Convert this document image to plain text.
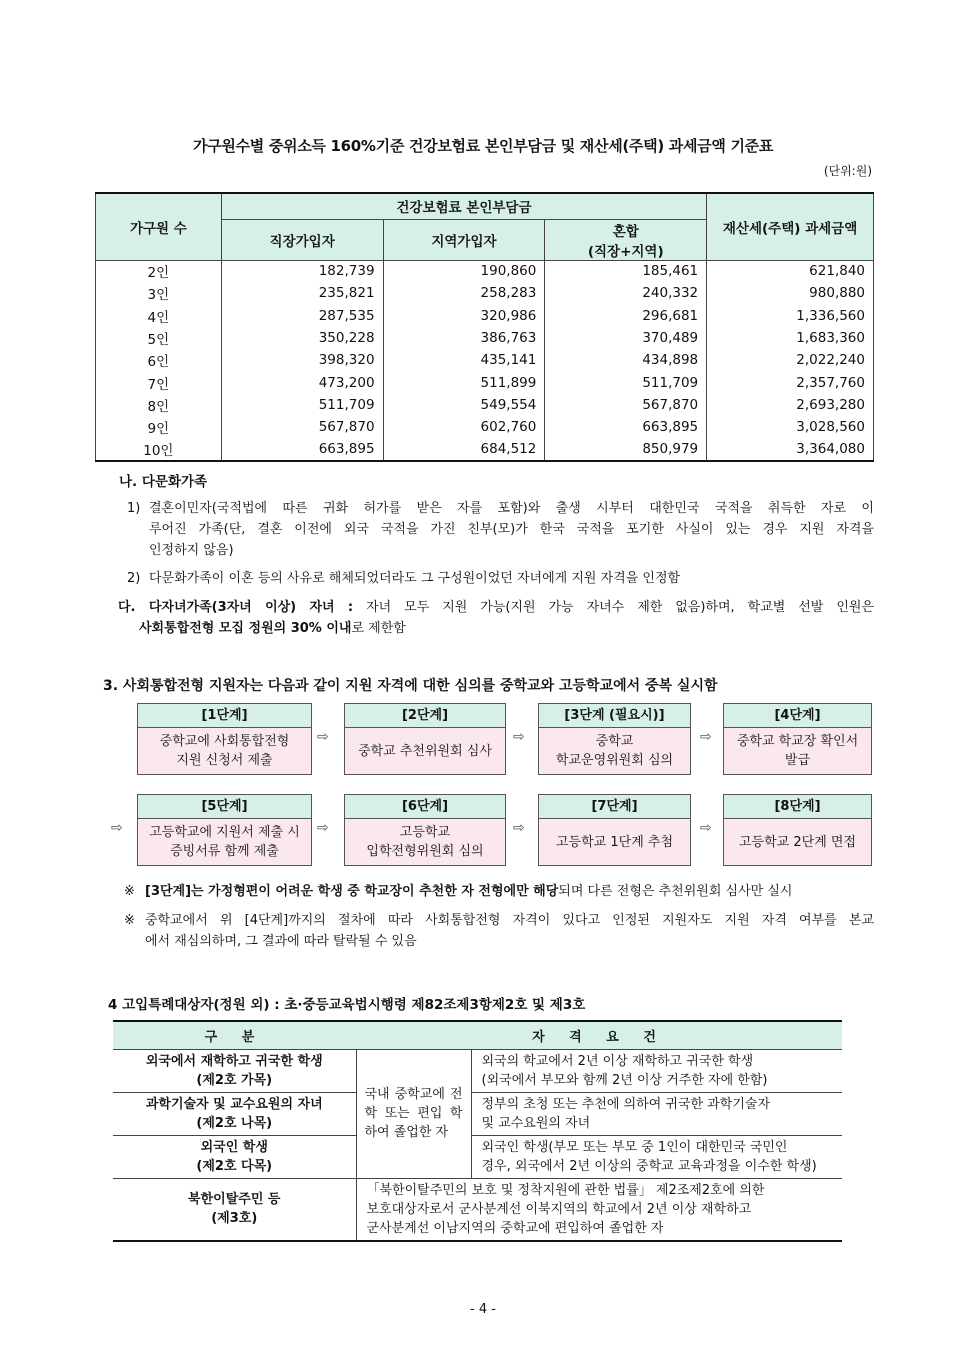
가구원수별 중위소득 160%기준 건강보험료 본인부담금 및 재산세(주택) 과세금액 기준표
(단위:원)
가구원 수	건강보험료 본인부담금			재산세(주택) 과세금액
	직장가입자	지역가입자	혼합
(직장+지역)	
2인	182,739	190,860	185,461	621,840
3인	235,821	258,283	240,332	980,880
4인	287,535	320,986	296,681	1,336,560
5인	350,228	386,763	370,489	1,683,360
6인	398,320	435,141	434,898	2,022,240
7인	473,200	511,899	511,709	2,357,760
8인	511,709	549,554	567,870	2,693,280
9인	567,870	602,760	663,895	3,028,560
10인	663,895	684,512	850,979	3,364,080
나. 다문화가족
1) 결혼이민자(국적법에 따른 귀화 허가를 받은 자를 포함)와 출생 시부터 대한민국 국적을 취득한 자로 이
루어진 가족(단, 결혼 이전에 외국 국적을 가진 친부(모)가 한국 국적을 포기한 사실이 있는 경우 지원 자격을
인정하지 않음)
2) 다문화가족이 이혼 등의 사유로 해체되었더라도 그 구성원이었던 자녀에게 지원 자격을 인정함
다. 다자녀가족(3자녀 이상) 자녀 : 자녀 모두 지원 가능(지원 가능 자녀수 제한 없음)하며, 학교별 선발 인원은
사회통합전형 모집 정원의 30% 이내로 제한함
3. 사회통합전형 지원자는 다음과 같이 지원 자격에 대한 심의를 중학교와 고등학교에서 중복 실시함
[1단계]
중학교에 사회통합전형
지원 신청서 제출
[2단계]
중학교 추천위원회 심사
[3단계 (필요시)]
중학교
학교운영위원회 심의
[4단계]
중학교 학교장 확인서
발급
[5단계]
고등학교에 지원서 제출 시
증빙서류 함께 제출
[6단계]
고등학교
입학전형위원회 심의
[7단계]
고등학교 1단계 추첨
[8단계]
고등학교 2단계 면접
⇨	⇨	⇨
⇨	⇨	⇨
⇨
※ [3단계]는 가정형편이 어려운 학생 중 학교장이 추천한 자 전형에만 해당되며 다른 전형은 추천위원회 심사만 실시
※ 중학교에서 위 [4단계]까지의 절차에 따라 사회통합전형 자격이 있다고 인정된 지원자도 지원 자격 여부를 본교
에서 재심의하며, 그 결과에 따라 탈락될 수 있음
4 고입특례대상자(정원 외) : 초·중등교육법시행령 제82조제3항제2호 및 제3호
구 분	자 격 요 건	
외국에서 재학하고 귀국한 학생
(제2호 가목)	국내 중학교에 전학 또는 편입 학하여 졸업한 자	외국의 학교에서 2년 이상 재학하고 귀국한 학생
(외국에서 부모와 함께 2년 이상 거주한 자에 한함)
과학기술자 및 교수요원의 자녀
(제2호 나목)		정부의 초청 또는 추천에 의하여 귀국한 과학기술자
및 교수요원의 자녀
외국인 학생
(제2호 다목)		외국인 학생(부모 또는 부모 중 1인이 대한민국 국민인
경우, 외국에서 2년 이상의 중학교 교육과정을 이수한 학생)
북한이탈주민 등
(제3호)	「북한이탈주민의 보호 및 정착지원에 관한 법률」 제2조제2호에 의한
보호대상자로서 군사분계선 이북지역의 학교에서 2년 이상 재학하고
군사분계선 이남지역의 중학교에 편입하여 졸업한 자	
- 4 -
